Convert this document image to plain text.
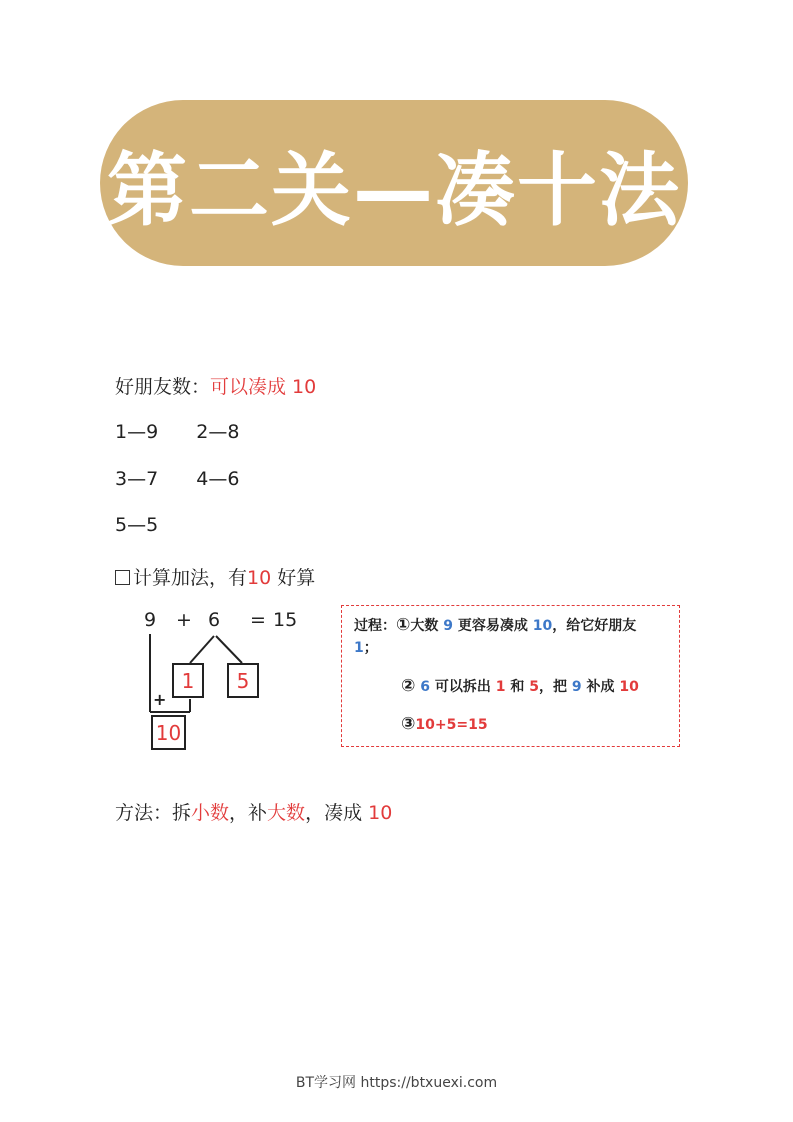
第二关—凑十法
好朋友数：可以凑成 10
1—9 2—8
3—7 4—6
5—5
计算加法，有10 好算
9 + 6 = 15
1	5
+
10
过程：①大数 9 更容易凑成 10，给它好朋友
1；
② 6 可以拆出 1 和 5，把 9 补成 10
③10+5=15
方法：拆小数，补大数，凑成 10
BT学习网 https://btxuexi.com
